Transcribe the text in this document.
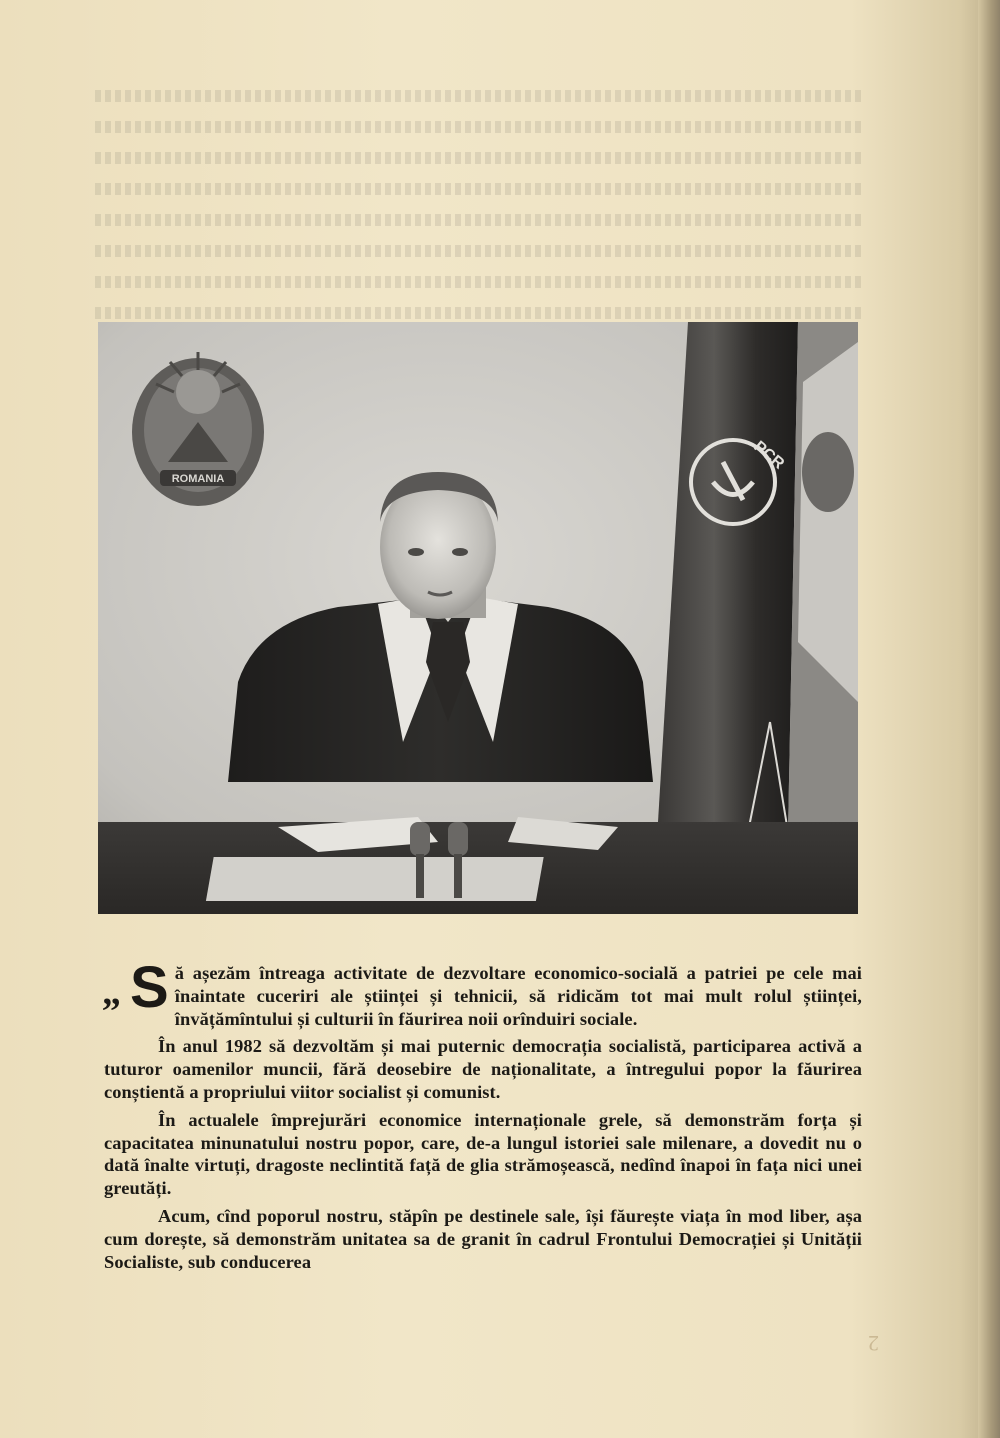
ROMANIA
PCR

„ S ă așezăm întreaga activitate de dezvoltare economico-socială a patriei pe cele mai înaintate cuceriri ale științei și tehnicii, să ridicăm tot mai mult rolul științei, învățămîntului și culturii în făurirea noii orînduiri sociale.

În anul 1982 să dezvoltăm și mai puternic democrația socialistă, participarea activă a tuturor oamenilor muncii, fără deosebire de naționalitate, a întregului popor la făurirea conștientă a propriului viitor socialist și comunist.

În actualele împrejurări economice internaționale grele, să demonstrăm forța și capacitatea minunatului nostru popor, care, de-a lungul istoriei sale milenare, a dovedit nu o dată înalte virtuți, dragoste neclintită față de glia strămoșească, nedînd înapoi în fața nici unei greutăți.

Acum, cînd poporul nostru, stăpîn pe destinele sale, își făurește viața în mod liber, așa cum dorește, să demonstrăm unitatea sa de granit în cadrul Frontului Democrației și Unității Socialiste, sub conducerea

2
